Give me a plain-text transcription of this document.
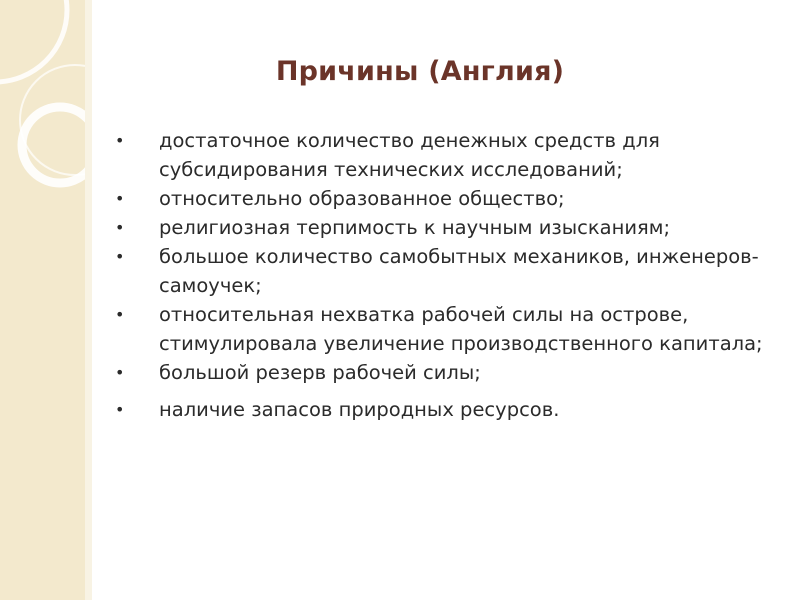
Причины (Англия)
•	достаточное количество денежных средств для субсидирования технических исследований;
•	относительно образованное общество;
•	религиозная терпимость к научным изысканиям;
•	большое количество самобытных механиков, инженеров-самоучек;
•	относительная нехватка рабочей силы на острове, стимулировала увеличение производственного капитала;
•	большой резерв рабочей силы;
•	наличие запасов природных ресурсов.
